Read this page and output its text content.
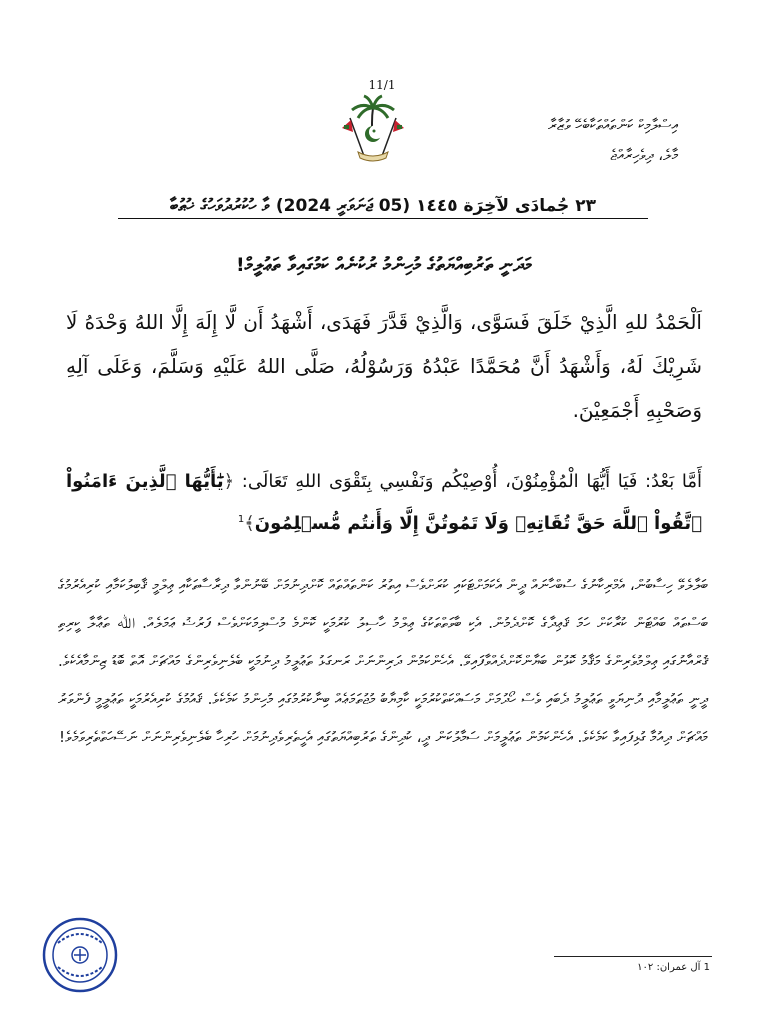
11/1
އިސްލާމިކް ކަންތައްތަކާބެހޭ ވުޒާރާ
މާލެ، ދިވެހިރާއްޖެ
٢٣ جُمادَى لآخِرَة ١٤٤٥ (05 ޖަނަވަރީ 2024) ވާ ހުކުރުދުވަހުގެ ޚުޠުބާ
މަދަނީ ތަރުބިއްޔަތުގެ މުހިންމު ރުކުނެއް ކަމުގައިވާ ތަޢުލީމް!
اَلْحَمْدُ للهِ الَّذِيْ خَلَقَ فَسَوَّى، وَالَّذِيْ قَدَّرَ فَهَدَى، أَشْهَدُ أَن لَّا إِلَهَ إِلَّا اللهُ وَحْدَهُ لَا شَرِيْكَ لَهُ، وَأَشْهَدُ أَنَّ مُحَمَّدًا عَبْدُهُ وَرَسُوْلُهُ، صَلَّى اللهُ عَلَيْهِ وَسَلَّمَ، وَعَلَى آلِهِ وَصَحْبِهِ أَجْمَعِيْنَ.
أَمَّا بَعْدُ: فَيَا أَيُّهَا الْمُؤْمِنُوْنَ، أُوْصِيْكُم وَنَفْسِي بِتَقْوَى اللهِ تَعَالَى: ﴿يَٰٓأَيُّهَا ٱلَّذِينَ ءَامَنُواْ ٱتَّقُواْ ٱللَّهَ حَقَّ تُقَاتِهِۦ وَلَا تَمُوتُنَّ إِلَّا وَأَنتُم مُّسۡلِمُونَ﴾$^1$
ބަލާލެވޭ ހިސާބުން، އެމްރިކާނުގެ ސުބްހާނައް ދީން އެކަމަށްޓަކައި ކުރަށްވެސް އިތުރު ކަންތައްތައް ކޮށްދިނުމަށް ބޭނުންވާ ދިރާސާތަކާއި ޢިލްމީ ޤާބިލުކަމާއި ކުރިއެރުމުގެ ބަސްތައް ބައްޓަން ކުރާކަށް ހަމަ ޤަޢިދާގެ ކޮށްދެމުން. އެކި ބާވަތްތަކުގެ ޢިލްމު ހާސިލު ކުރުމަކީ ކޮންމެ މުސްލިމަކަށްވެސް ފަރުޟު ޢަމަލެއް. ﷲ ތަޢާލާ ކީރިތި ޤުރްއާނުގައި ޢިލްމުވެރިންގެ މަޤާމު ކޮޅުން ބަޔާންކޮށްދެއްވާފައިވޭ. އެހެންކަމުން ދަރިންނަށް ރަނގަޅު ތަޢުލީމު ދިނުމަކީ ބެލެނިވެރިންގެ މައްޗަށް އޮތް ބޮޑު ޒިންމާއެކެވެ. ދީނީ ތަޢުލީމާއި ދުނިޔަވީ ތަޢުލީމު ދެބައި ވެސް ހޯދުމަށް މަސައްކަތްކުރުމަކީ ކާމިޔާބު މުޖުތަމަޢެއް ބިނާކުރުމުގައި މުހިންމު ކަމެކެވެ. ޤައުމުގެ ކުރިއެރުމަކީ ތަޢުލީމީ ފެންވަރު މައްޗަށް ދިއުމާ ގުޅިފައިވާ ކަމެކެވެ. އެހެންކަމުން ތަޢުލީމަށް ސަމާލުކަން ދީ، ކުދިންގެ ތަރުބިއްޔަތުގައި އެހީތެރިވެދިނުމަށް ހުރިހާ ބެލެނިވެރިންނަށް ނަސޭހަތްތެރިވަމެވެ!
1 آل عمران: ١٠٢
